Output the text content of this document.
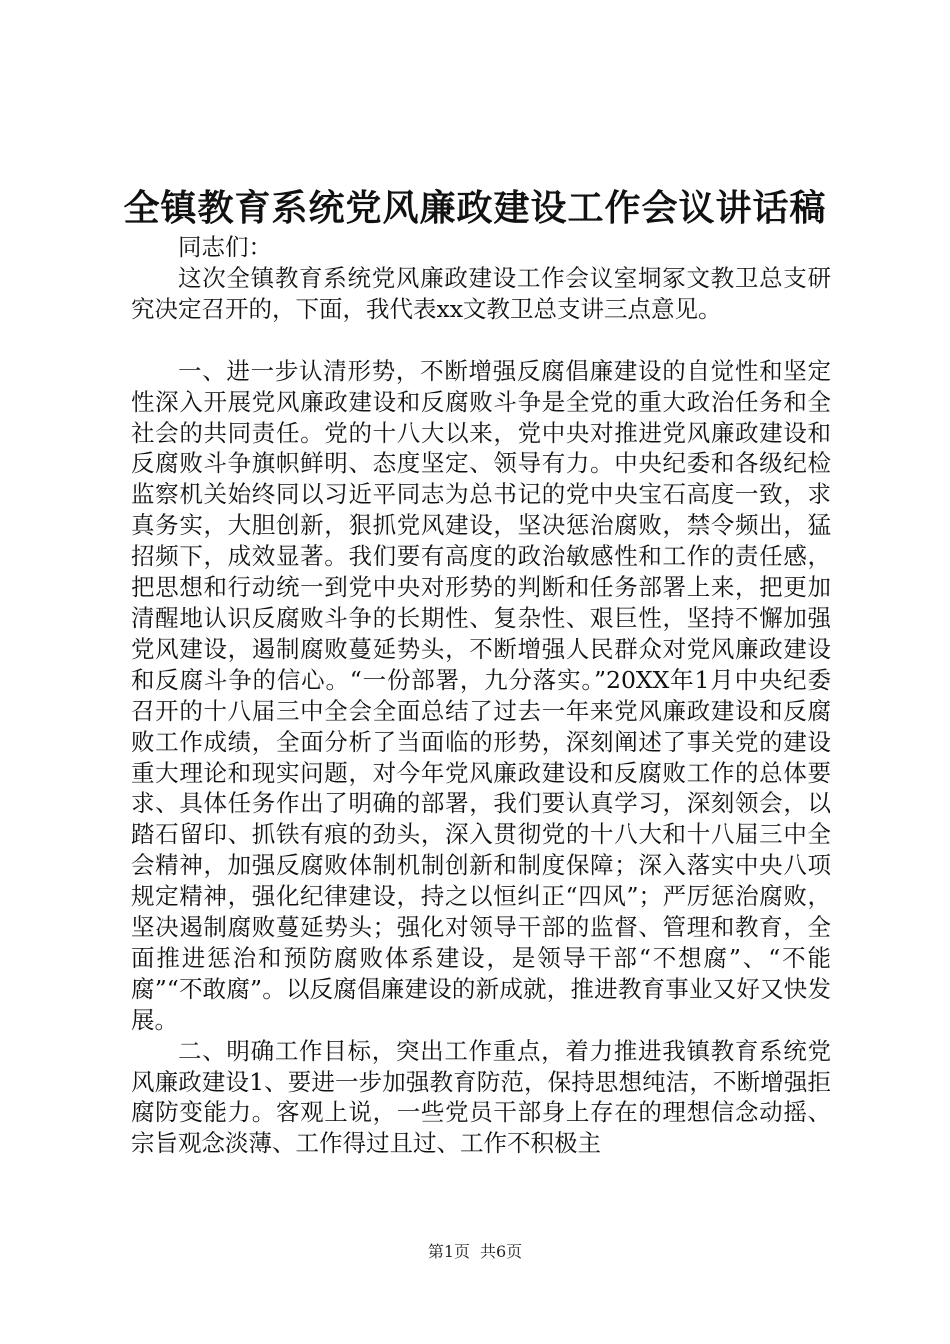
全镇教育系统党风廉政建设工作会议讲话稿

同志们：

这次全镇教育系统党风廉政建设工作会议室垌冢文教卫总支研究决定召开的，下面，我代表xx文教卫总支讲三点意见。

一、进一步认清形势，不断增强反腐倡廉建设的自觉性和坚定性深入开展党风廉政建设和反腐败斗争是全党的重大政治任务和全社会的共同责任。党的十八大以来，党中央对推进党风廉政建设和反腐败斗争旗帜鲜明、态度坚定、领导有力。中央纪委和各级纪检监察机关始终同以习近平同志为总书记的党中央宝石高度一致，求真务实，大胆创新，狠抓党风建设，坚决惩治腐败，禁令频出，猛招频下，成效显著。我们要有高度的政治敏感性和工作的责任感，把思想和行动统一到党中央对形势的判断和任务部署上来，把更加清醒地认识反腐败斗争的长期性、复杂性、艰巨性，坚持不懈加强党风建设，遏制腐败蔓延势头，不断增强人民群众对党风廉政建设和反腐斗争的信心。“一份部署，九分落实。”20XX年1月中央纪委召开的十八届三中全会全面总结了过去一年来党风廉政建设和反腐败工作成绩，全面分析了当面临的形势，深刻阐述了事关党的建设重大理论和现实问题，对今年党风廉政建设和反腐败工作的总体要求、具体任务作出了明确的部署，我们要认真学习，深刻领会，以踏石留印、抓铁有痕的劲头，深入贯彻党的十八大和十八届三中全会精神，加强反腐败体制机制创新和制度保障；深入落实中央八项规定精神，强化纪律建设，持之以恒纠正“四风”；严厉惩治腐败，坚决遏制腐败蔓延势头；强化对领导干部的监督、管理和教育，全面推进惩治和预防腐败体系建设，是领导干部“不想腐”、“不能腐”“不敢腐”。以反腐倡廉建设的新成就，推进教育事业又好又快发展。

二、明确工作目标，突出工作重点，着力推进我镇教育系统党风廉政建设1、要进一步加强教育防范，保持思想纯洁，不断增强拒腐防变能力。客观上说，一些党员干部身上存在的理想信念动摇、宗旨观念淡薄、工作得过且过、工作不积极主

第1页 共6页
